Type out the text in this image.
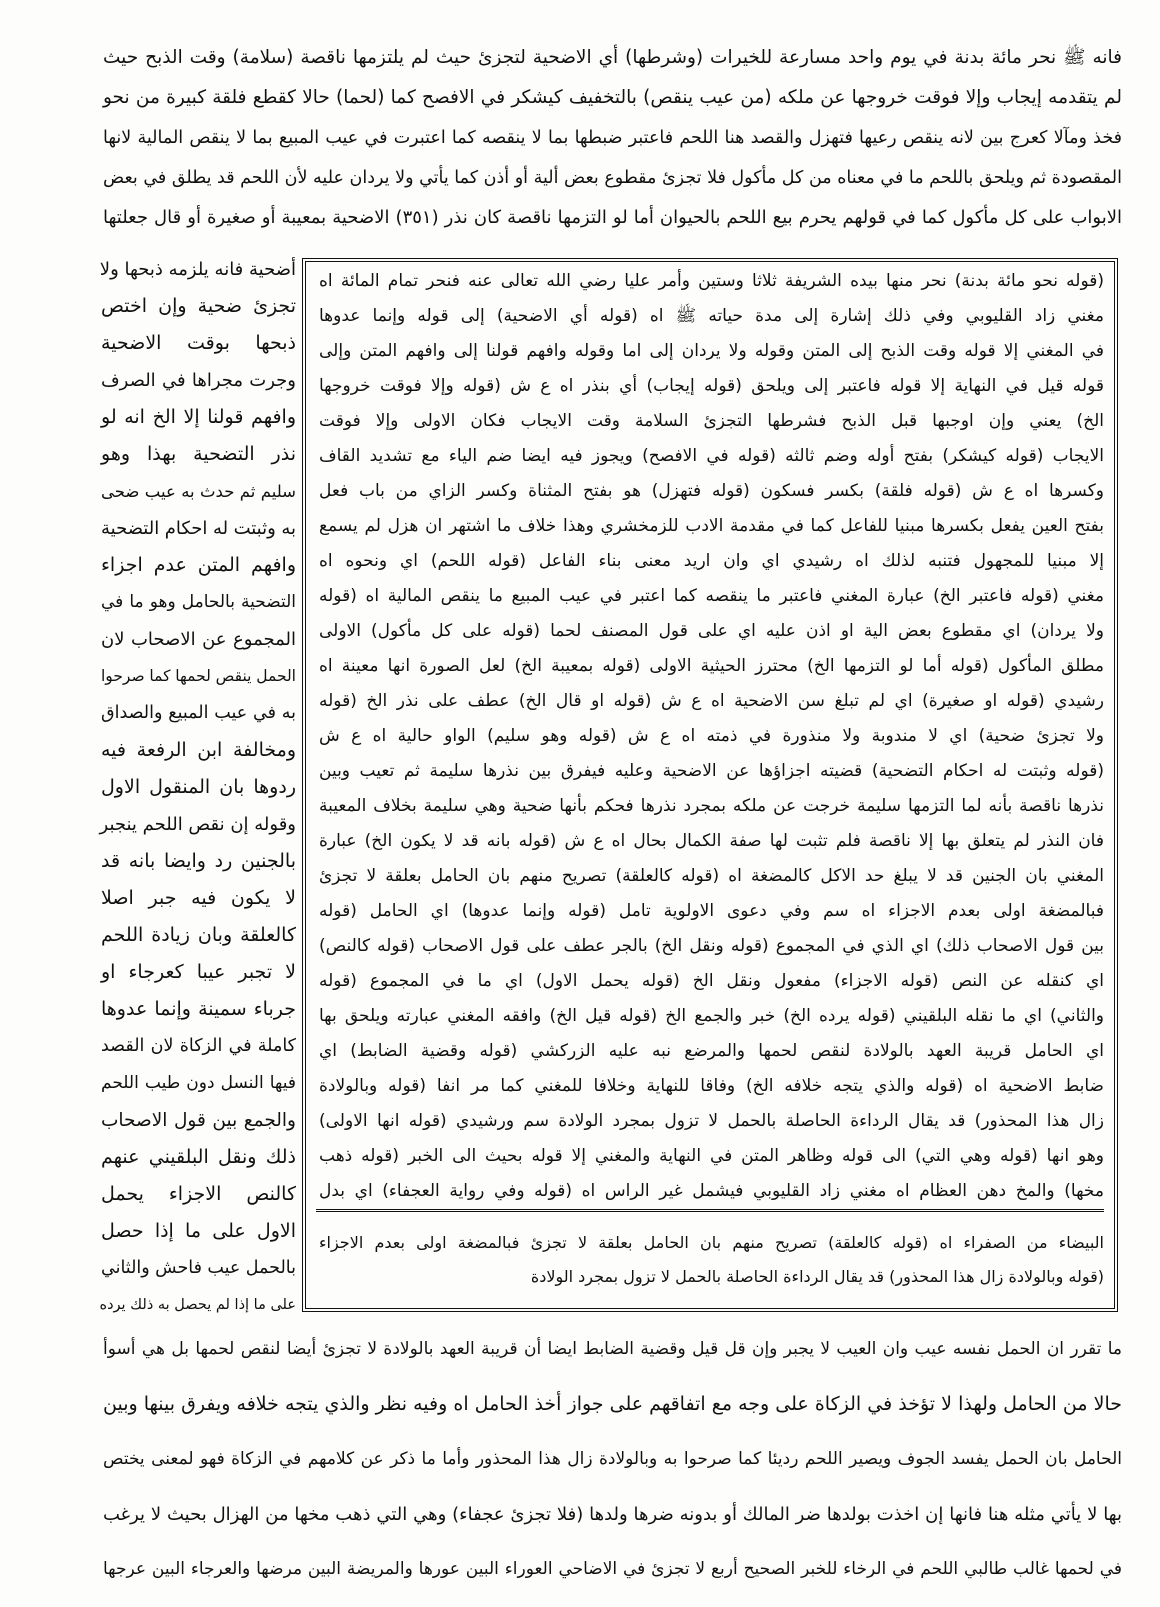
فانه ﷺ نحر مائة بدنة في يوم واحد مسارعة للخيرات (وشرطها) أي الاضحية لتجزئ حيث لم يلتزمها ناقصة (سلامة) وقت الذبح حيث
لم يتقدمه إيجاب وإلا فوقت خروجها عن ملكه (من عيب ينقص) بالتخفيف كيشكر في الافصح كما (لحما) حالا كقطع فلقة كبيرة من نحو
فخذ ومآلا كعرج بين لانه ينقص رعيها فتهزل والقصد هنا اللحم فاعتبر ضبطها بما لا ينقصه كما اعتبرت في عيب المبيع بما لا ينقص المالية لانها
المقصودة ثم ويلحق باللحم ما في معناه من كل مأكول فلا تجزئ مقطوع بعض ألية أو أذن كما يأتي ولا يردان عليه لأن اللحم قد يطلق في بعض
الابواب على كل مأكول كما في قولهم يحرم بيع اللحم بالحيوان أما لو التزمها ناقصة كان نذر (٣٥١) الاضحية بمعيبة أو صغيرة أو قال جعلتها
أضحية فانه يلزمه ذبحها ولا
تجزئ ضحية وإن اختص
ذبحها بوقت الاضحية
وجرت مجراها في الصرف
وافهم قولنا إلا الخ انه لو
نذر التضحية بهذا وهو
سليم ثم حدث به عيب ضحى
به وثبتت له احكام التضحية
وافهم المتن عدم اجزاء
التضحية بالحامل وهو ما في
المجموع عن الاصحاب لان
الحمل ينقص لحمها كما صرحوا
به في عيب المبيع والصداق
ومخالفة ابن الرفعة فيه
ردوها بان المنقول الاول
وقوله إن نقص اللحم ينجبر
بالجنين رد وايضا بانه قد
لا يكون فيه جبر اصلا
كالعلقة وبان زيادة اللحم
لا تجبر عيبا كعرجاء او
جرباء سمينة وإنما عدوها
كاملة في الزكاة لان القصد
فيها النسل دون طيب اللحم
والجمع بين قول الاصحاب
ذلك ونقل البلقيني عنهم
كالنص الاجزاء يحمل
الاول على ما إذا حصل
بالحمل عيب فاحش والثاني
على ما إذا لم يحصل به ذلك يرده
(قوله نحو مائة بدنة) نحر منها بيده الشريفة ثلاثا وستين وأمر عليا رضي الله تعالى عنه فنحر تمام المائة اه
مغني زاد القليوبي وفي ذلك إشارة إلى مدة حياته ﷺ اه (قوله أي الاضحية) إلى قوله وإنما عدوها
في المغني إلا قوله وقت الذبح إلى المتن وقوله ولا يردان إلى اما وقوله وافهم قولنا إلى وافهم المتن وإلى
قوله قيل في النهاية إلا قوله فاعتبر إلى ويلحق (قوله إيجاب) أي بنذر اه ع ش (قوله وإلا فوقت خروجها
الخ) يعني وإن اوجبها قبل الذبح فشرطها التجزئ السلامة وقت الايجاب فكان الاولى وإلا فوقت
الايجاب (قوله كيشكر) بفتح أوله وضم ثالثه (قوله في الافصح) ويجوز فيه ايضا ضم الياء مع تشديد القاف
وكسرها اه ع ش (قوله فلقة) بكسر فسكون (قوله فتهزل) هو بفتح المثناة وكسر الزاي من باب فعل
بفتح العين يفعل بكسرها مبنيا للفاعل كما في مقدمة الادب للزمخشري وهذا خلاف ما اشتهر ان هزل لم يسمع
إلا مبنيا للمجهول فتنبه لذلك اه رشيدي اي وان اريد معنى بناء الفاعل (قوله اللحم) اي ونحوه اه
مغني (قوله فاعتبر الخ) عبارة المغني فاعتبر ما ينقصه كما اعتبر في عيب المبيع ما ينقص المالية اه (قوله
ولا يردان) اي مقطوع بعض الية او اذن عليه اي على قول المصنف لحما (قوله على كل مأكول) الاولى
مطلق المأكول (قوله أما لو التزمها الخ) محترز الحيثية الاولى (قوله بمعيبة الخ) لعل الصورة انها معينة اه
رشيدي (قوله او صغيرة) اي لم تبلغ سن الاضحية اه ع ش (قوله او قال الخ) عطف على نذر الخ (قوله
ولا تجزئ ضحية) اي لا مندوبة ولا منذورة في ذمته اه ع ش (قوله وهو سليم) الواو حالية اه ع ش
(قوله وثبتت له احكام التضحية) قضيته اجزاؤها عن الاضحية وعليه فيفرق بين نذرها سليمة ثم تعيب وبين
نذرها ناقصة بأنه لما التزمها سليمة خرجت عن ملكه بمجرد نذرها فحكم بأنها ضحية وهي سليمة بخلاف المعيبة
فان النذر لم يتعلق بها إلا ناقصة فلم تثبت لها صفة الكمال بحال اه ع ش (قوله بانه قد لا يكون الخ) عبارة
المغني بان الجنين قد لا يبلغ حد الاكل كالمضغة اه (قوله كالعلقة) تصريح منهم بان الحامل بعلقة لا تجزئ
فبالمضغة اولى بعدم الاجزاء اه سم وفي دعوى الاولوية تامل (قوله وإنما عدوها) اي الحامل (قوله
بين قول الاصحاب ذلك) اي الذي في المجموع (قوله ونقل الخ) بالجر عطف على قول الاصحاب (قوله كالنص)
اي كنقله عن النص (قوله الاجزاء) مفعول ونقل الخ (قوله يحمل الاول) اي ما في المجموع (قوله
والثاني) اي ما نقله البلقيني (قوله يرده الخ) خبر والجمع الخ (قوله قيل الخ) وافقه المغني عبارته ويلحق بها
اي الحامل قريبة العهد بالولادة لنقص لحمها والمرضع نبه عليه الزركشي (قوله وقضية الضابط) اي
ضابط الاضحية اه (قوله والذي يتجه خلافه الخ) وفاقا للنهاية وخلافا للمغني كما مر انفا (قوله وبالولادة
زال هذا المحذور) قد يقال الرداءة الحاصلة بالحمل لا تزول بمجرد الولادة سم ورشيدي (قوله انها الاولى)
وهو انها (قوله وهي التي) الى قوله وظاهر المتن في النهاية والمغني إلا قوله بحيث الى الخبر (قوله ذهب
مخها) والمخ دهن العظام اه مغني زاد القليوبي فيشمل غير الراس اه (قوله وفي رواية العجفاء) اي بدل
البيضاء من الصفراء اه (قوله كالعلقة) تصريح منهم بان الحامل بعلقة لا تجزئ فبالمضغة اولى بعدم الاجزاء
(قوله وبالولادة زال هذا المحذور) قد يقال الرداءة الحاصلة بالحمل لا تزول بمجرد الولادة
ما تقرر ان الحمل نفسه عيب وان العيب لا يجبر وإن قل قيل وقضية الضابط ايضا أن قريبة العهد بالولادة لا تجزئ أيضا لنقص لحمها بل هي أسوأ
حالا من الحامل ولهذا لا تؤخذ في الزكاة على وجه مع اتفاقهم على جواز أخذ الحامل اه وفيه نظر والذي يتجه خلافه ويفرق بينها وبين
الحامل بان الحمل يفسد الجوف ويصير اللحم رديئا كما صرحوا به وبالولادة زال هذا المحذور وأما ما ذكر عن كلامهم في الزكاة فهو لمعنى يختص
بها لا يأتي مثله هنا فانها إن اخذت بولدها ضر المالك أو بدونه ضرها ولدها (فلا تجزئ عجفاء) وهي التي ذهب مخها من الهزال بحيث لا يرغب
في لحمها غالب طالبي اللحم في الرخاء للخبر الصحيح أربع لا تجزئ في الاضاحي العوراء البين عورها والمريضة البين مرضها والعرجاء البين عرجها
